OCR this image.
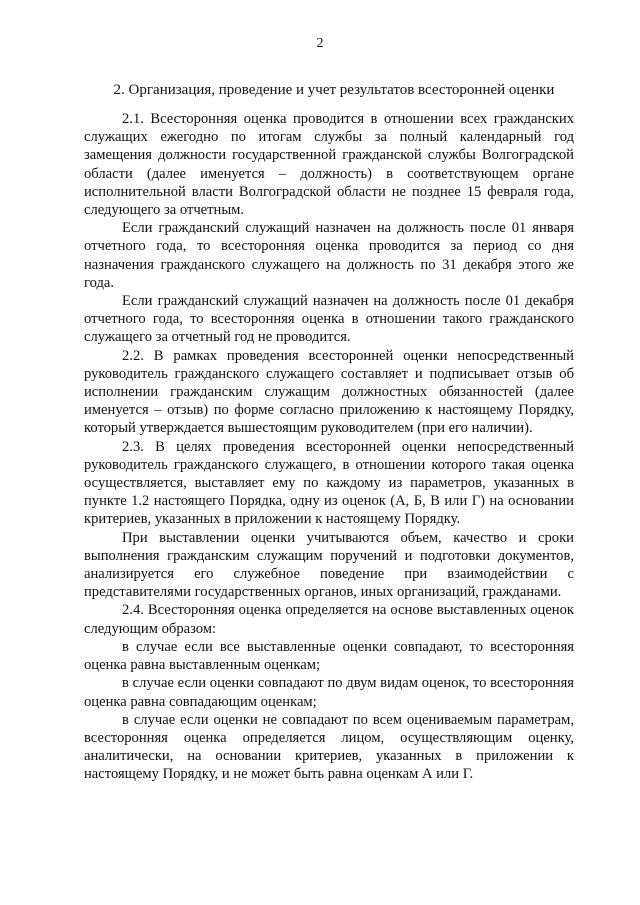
2
2. Организация, проведение и учет результатов всесторонней оценки

2.1. Всесторонняя оценка проводится в отношении всех гражданских служащих ежегодно по итогам службы за полный календарный год замещения должности государственной гражданской службы Волгоградской области (далее именуется – должность) в соответствующем органе исполнительной власти Волгоградской области не позднее 15 февраля года, следующего за отчетным.

Если гражданский служащий назначен на должность после 01 января отчетного года, то всесторонняя оценка проводится за период со дня назначения гражданского служащего на должность по 31 декабря этого же года.

Если гражданский служащий назначен на должность после 01 декабря отчетного года, то всесторонняя оценка в отношении такого гражданского служащего за отчетный год не проводится.

2.2. В рамках проведения всесторонней оценки непосредственный руководитель гражданского служащего составляет и подписывает отзыв об исполнении гражданским служащим должностных обязанностей (далее именуется – отзыв) по форме согласно приложению к настоящему Порядку, который утверждается вышестоящим руководителем (при его наличии).

2.3. В целях проведения всесторонней оценки непосредственный руководитель гражданского служащего, в отношении которого такая оценка осуществляется, выставляет ему по каждому из параметров, указанных в пункте 1.2 настоящего Порядка, одну из оценок (А, Б, В или Г) на основании критериев, указанных в приложении к настоящему Порядку.

При выставлении оценки учитываются объем, качество и сроки выполнения гражданским служащим поручений и подготовки документов, анализируется его служебное поведение при взаимодействии с представителями государственных органов, иных организаций, гражданами.

2.4. Всесторонняя оценка определяется на основе выставленных оценок следующим образом:

в случае если все выставленные оценки совпадают, то всесторонняя оценка равна выставленным оценкам;

в случае если оценки совпадают по двум видам оценок, то всесторонняя оценка равна совпадающим оценкам;

в случае если оценки не совпадают по всем оцениваемым параметрам, всесторонняя оценка определяется лицом, осуществляющим оценку, аналитически, на основании критериев, указанных в приложении к настоящему Порядку, и не может быть равна оценкам А или Г.
